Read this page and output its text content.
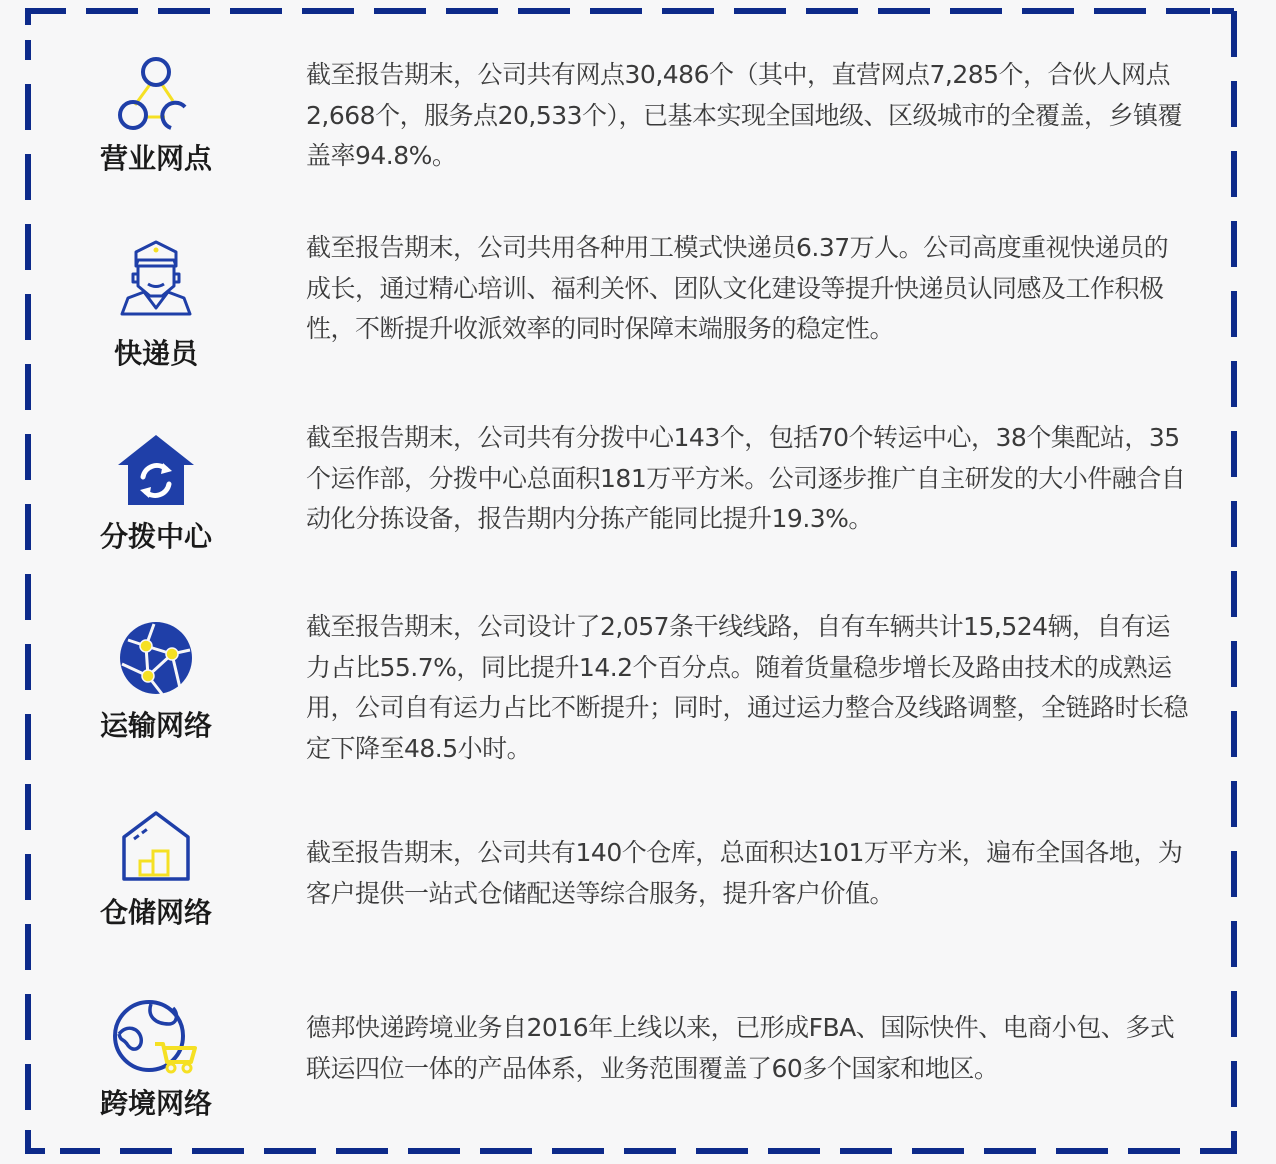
营业网点
截至报告期末，公司共有网点30,486个（其中，直营网点7,285个，合伙人网点2,668个，服务点20,533个），已基本实现全国地级、区级城市的全覆盖，乡镇覆盖率94.8%。
快递员
截至报告期末，公司共用各种用工模式快递员6.37万人。公司高度重视快递员的成长，通过精心培训、福利关怀、团队文化建设等提升快递员认同感及工作积极性，不断提升收派效率的同时保障末端服务的稳定性。
分拨中心
截至报告期末，公司共有分拨中心143个，包括70个转运中心，38个集配站，35个运作部，分拨中心总面积181万平方米。公司逐步推广自主研发的大小件融合自动化分拣设备，报告期内分拣产能同比提升19.3%。
运输网络
截至报告期末，公司设计了2,057条干线线路，自有车辆共计15,524辆，自有运力占比55.7%，同比提升14.2个百分点。随着货量稳步增长及路由技术的成熟运用，公司自有运力占比不断提升；同时，通过运力整合及线路调整，全链路时长稳定下降至48.5小时。
仓储网络
截至报告期末，公司共有140个仓库，总面积达101万平方米，遍布全国各地，为客户提供一站式仓储配送等综合服务，提升客户价值。
跨境网络
德邦快递跨境业务自2016年上线以来，已形成FBA、国际快件、电商小包、多式联运四位一体的产品体系，业务范围覆盖了60多个国家和地区。
